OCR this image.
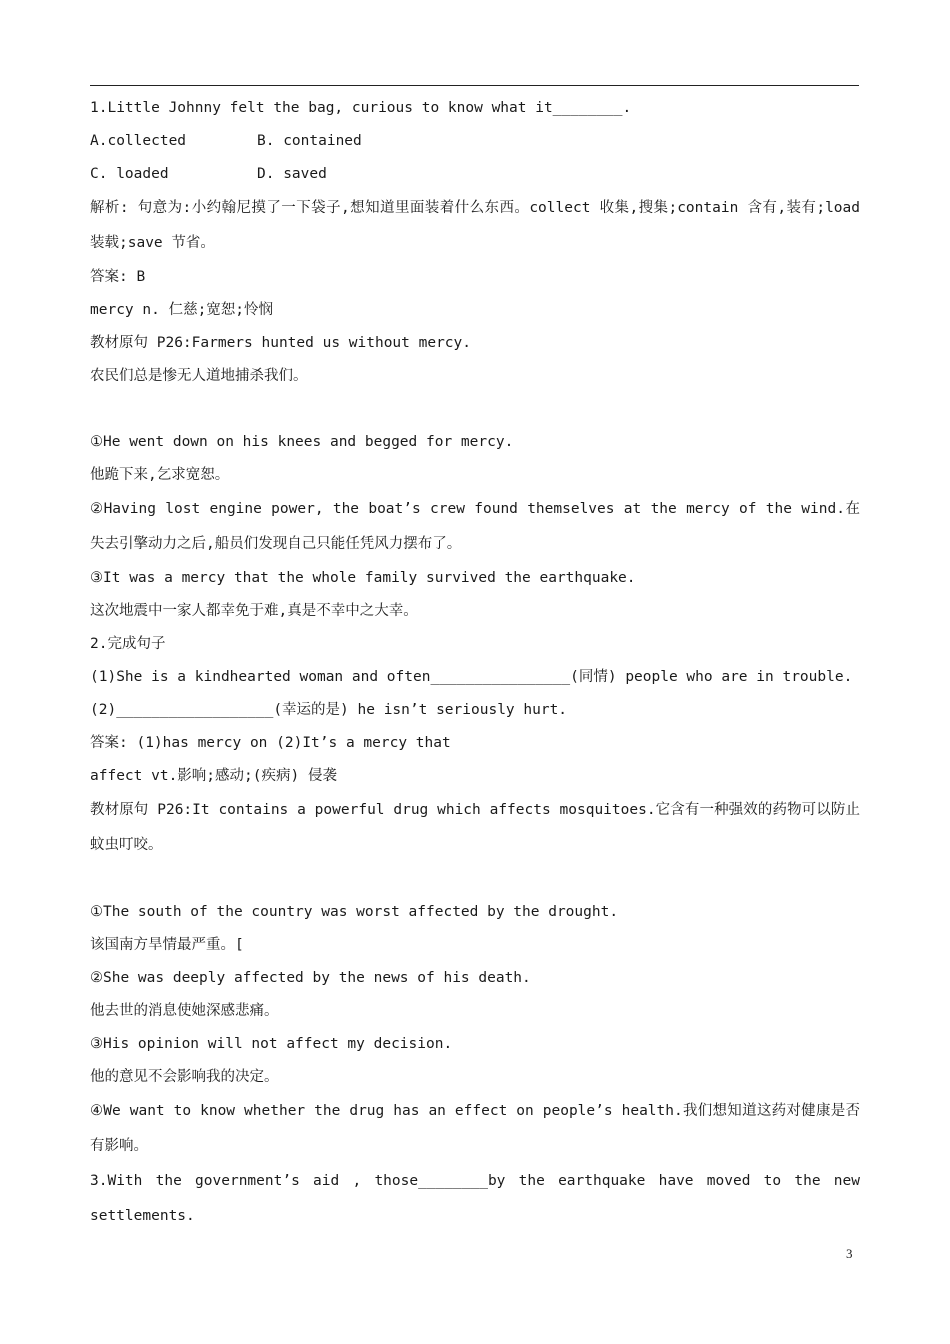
1.Little Johnny felt the bag, curious to know what it________.
A.collected	B. contained
C. loaded	D. saved
解析: 句意为:小约翰尼摸了一下袋子,想知道里面装着什么东西。collect 收集,搜集;contain 含有,装有;load 装载;save 节省。
答案: B
mercy n. 仁慈;宽恕;怜悯
教材原句 P26:Farmers hunted us without mercy.
农民们总是惨无人道地捕杀我们。
①He went down on his knees and begged for mercy.
他跪下来,乞求宽恕。
②Having lost engine power, the boat’s crew found themselves at the mercy of the wind.在失去引擎动力之后,船员们发现自己只能任凭风力摆布了。
③It was a mercy that the whole family survived the earthquake.
这次地震中一家人都幸免于难,真是不幸中之大幸。
2.完成句子
(1)She is a kindhearted woman and often________________(同情) people who are in trouble.
(2)__________________(幸运的是) he isn’t seriously hurt.
答案: (1)has mercy on (2)It’s a mercy that
affect vt.影响;感动;(疾病) 侵袭
教材原句 P26:It contains a powerful drug which affects mosquitoes.它含有一种强效的药物可以防止蚊虫叮咬。
①The south of the country was worst affected by the drought.
该国南方旱情最严重。[
②She was deeply affected by the news of his death.
他去世的消息使她深感悲痛。
③His opinion will not affect my decision.
他的意见不会影响我的决定。
④We want to know whether the drug has an effect on people’s health.我们想知道这药对健康是否有影响。
3.With the government’s aid , those________by the earthquake have moved to the new settlements.
3
